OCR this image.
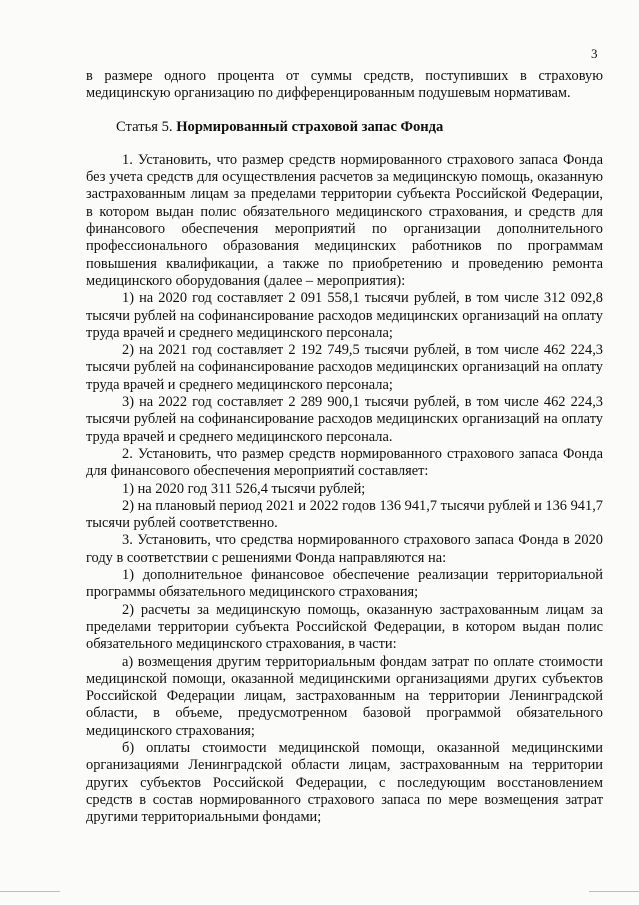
3

в размере одного процента от суммы средств, поступивших в страховую медицинскую организацию по дифференцированным подушевым нормативам.

Статья 5. Нормированный страховой запас Фонда

1. Установить, что размер средств нормированного страхового запаса Фонда без учета средств для осуществления расчетов за медицинскую помощь, оказанную застрахованным лицам за пределами территории субъекта Российской Федерации, в котором выдан полис обязательного медицинского страхования, и средств для финансового обеспечения мероприятий по организации дополнительного профессионального образования медицинских работников по программам повышения квалификации, а также по приобретению и проведению ремонта медицинского оборудования (далее – мероприятия):

1) на 2020 год составляет 2 091 558,1 тысячи рублей, в том числе 312 092,8 тысячи рублей на софинансирование расходов медицинских организаций на оплату труда врачей и среднего медицинского персонала;

2) на 2021 год составляет 2 192 749,5 тысячи рублей, в том числе 462 224,3 тысячи рублей на софинансирование расходов медицинских организаций на оплату труда врачей и среднего медицинского персонала;

3) на 2022 год составляет 2 289 900,1 тысячи рублей, в том числе 462 224,3 тысячи рублей на софинансирование расходов медицинских организаций на оплату труда врачей и среднего медицинского персонала.

2. Установить, что размер средств нормированного страхового запаса Фонда для финансового обеспечения мероприятий составляет:

1) на 2020 год 311 526,4 тысячи рублей;

2) на плановый период 2021 и 2022 годов 136 941,7 тысячи рублей и 136 941,7 тысячи рублей соответственно.

3. Установить, что средства нормированного страхового запаса Фонда в 2020 году в соответствии с решениями Фонда направляются на:

1) дополнительное финансовое обеспечение реализации территориальной программы обязательного медицинского страхования;

2) расчеты за медицинскую помощь, оказанную застрахованным лицам за пределами территории субъекта Российской Федерации, в котором выдан полис обязательного медицинского страхования, в части:

а) возмещения другим территориальным фондам затрат по оплате стоимости медицинской помощи, оказанной медицинскими организациями других субъектов Российской Федерации лицам, застрахованным на территории Ленинградской области, в объеме, предусмотренном базовой программой обязательного медицинского страхования;

б) оплаты стоимости медицинской помощи, оказанной медицинскими организациями Ленинградской области лицам, застрахованным на территории других субъектов Российской Федерации, с последующим восстановлением средств в состав нормированного страхового запаса по мере возмещения затрат другими территориальными фондами;
